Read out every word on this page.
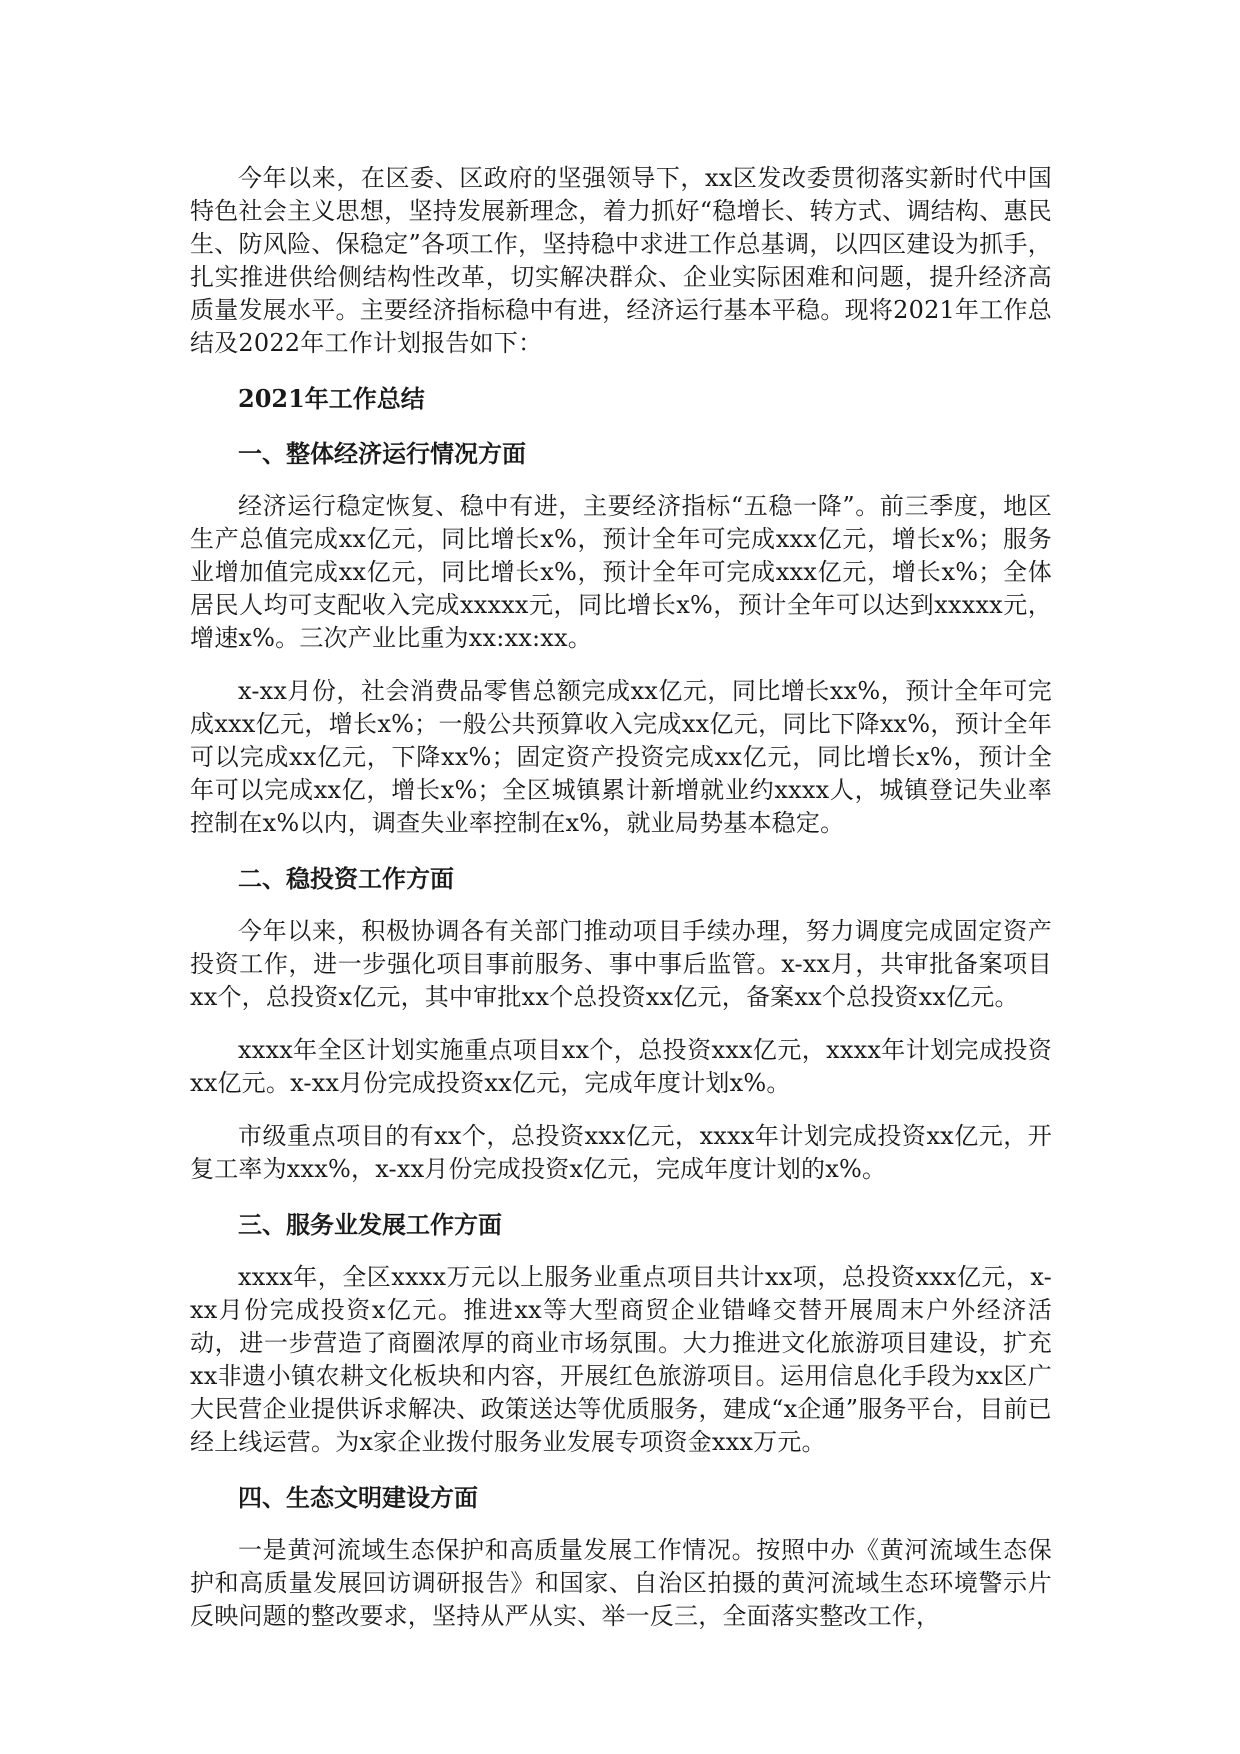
今年以来，在区委、区政府的坚强领导下，xx区发改委贯彻落实新时代中国特色社会主义思想，坚持发展新理念，着力抓好“稳增长、转方式、调结构、惠民生、防风险、保稳定”各项工作，坚持稳中求进工作总基调，以四区建设为抓手，扎实推进供给侧结构性改革，切实解决群众、企业实际困难和问题，提升经济高质量发展水平。主要经济指标稳中有进，经济运行基本平稳。现将2021年工作总结及2022年工作计划报告如下：

2021年工作总结

一、整体经济运行情况方面

经济运行稳定恢复、稳中有进，主要经济指标“五稳一降”。前三季度，地区生产总值完成xx亿元，同比增长x%，预计全年可完成xxx亿元，增长x%；服务业增加值完成xx亿元，同比增长x%，预计全年可完成xxx亿元，增长x%；全体居民人均可支配收入完成xxxxx元，同比增长x%，预计全年可以达到xxxxx元，增速x%。三次产业比重为xx:xx:xx。

x-xx月份，社会消费品零售总额完成xx亿元，同比增长xx%，预计全年可完成xxx亿元，增长x%；一般公共预算收入完成xx亿元，同比下降xx%，预计全年可以完成xx亿元，下降xx%；固定资产投资完成xx亿元，同比增长x%，预计全年可以完成xx亿，增长x%；全区城镇累计新增就业约xxxx人，城镇登记失业率控制在x%以内，调查失业率控制在x%，就业局势基本稳定。

二、稳投资工作方面

今年以来，积极协调各有关部门推动项目手续办理，努力调度完成固定资产投资工作，进一步强化项目事前服务、事中事后监管。x-xx月，共审批备案项目xx个，总投资x亿元，其中审批xx个总投资xx亿元，备案xx个总投资xx亿元。

xxxx年全区计划实施重点项目xx个，总投资xxx亿元，xxxx年计划完成投资xx亿元。x-xx月份完成投资xx亿元，完成年度计划x%。

市级重点项目的有xx个，总投资xxx亿元，xxxx年计划完成投资xx亿元，开复工率为xxx%，x-xx月份完成投资x亿元，完成年度计划的x%。

三、服务业发展工作方面

xxxx年，全区xxxx万元以上服务业重点项目共计xx项，总投资xxx亿元，x-xx月份完成投资x亿元。推进xx等大型商贸企业错峰交替开展周末户外经济活动，进一步营造了商圈浓厚的商业市场氛围。大力推进文化旅游项目建设，扩充xx非遗小镇农耕文化板块和内容，开展红色旅游项目。运用信息化手段为xx区广大民营企业提供诉求解决、政策送达等优质服务，建成“x企通”服务平台，目前已经上线运营。为x家企业拨付服务业发展专项资金xxx万元。

四、生态文明建设方面

一是黄河流域生态保护和高质量发展工作情况。按照中办《黄河流域生态保护和高质量发展回访调研报告》和国家、自治区拍摄的黄河流域生态环境警示片反映问题的整改要求，坚持从严从实、举一反三，全面落实整改工作，
